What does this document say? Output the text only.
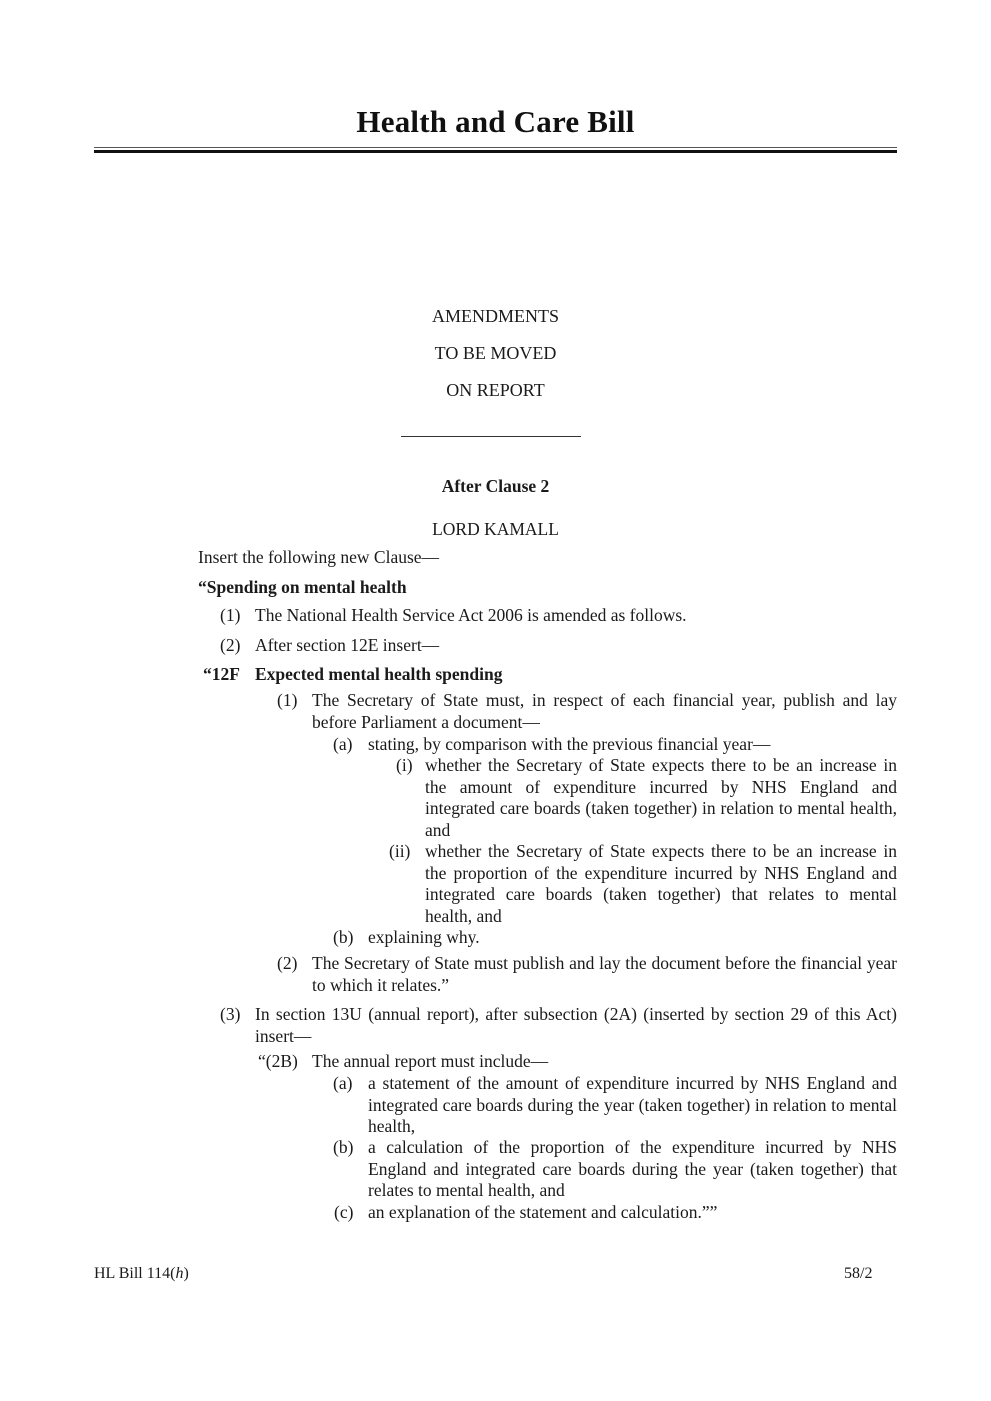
Health and Care Bill
AMENDMENTS
TO BE MOVED
ON REPORT
After Clause 2
LORD KAMALL
Insert the following new Clause—
“Spending on mental health
(1) The National Health Service Act 2006 is amended as follows.
(2) After section 12E insert—
“12F Expected mental health spending
(1) The Secretary of State must, in respect of each financial year, publish and lay before Parliament a document—
(a) stating, by comparison with the previous financial year—
(i) whether the Secretary of State expects there to be an increase in the amount of expenditure incurred by NHS England and integrated care boards (taken together) in relation to mental health, and
(ii) whether the Secretary of State expects there to be an increase in the proportion of the expenditure incurred by NHS England and integrated care boards (taken together) that relates to mental health, and
(b) explaining why.
(2) The Secretary of State must publish and lay the document before the financial year to which it relates.”
(3) In section 13U (annual report), after subsection (2A) (inserted by section 29 of this Act) insert—
“(2B) The annual report must include—
(a) a statement of the amount of expenditure incurred by NHS England and integrated care boards during the year (taken together) in relation to mental health,
(b) a calculation of the proportion of the expenditure incurred by NHS England and integrated care boards during the year (taken together) that relates to mental health, and
(c) an explanation of the statement and calculation.””
HL Bill 114(h)	58/2
